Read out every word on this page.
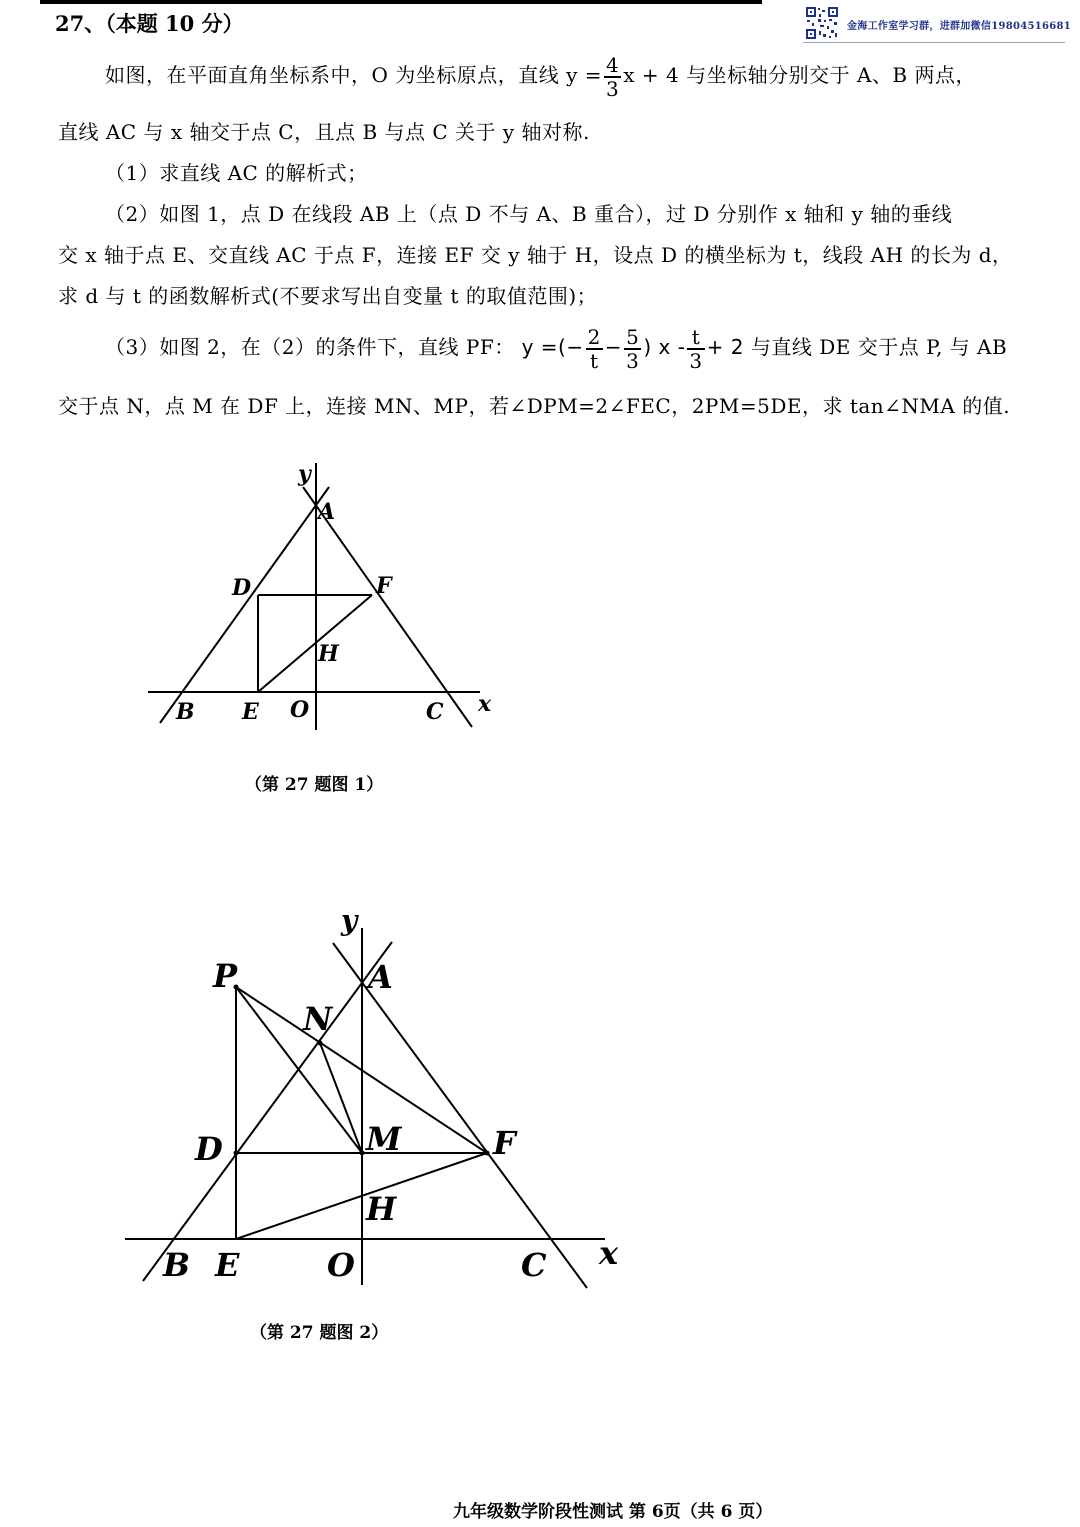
27、（本题 10 分）	金海工作室学习群，进群加微信19804516681
如图，在平面直角坐标系中，O 为坐标原点，直线 $y = \frac{4}{3}$ x + 4 与坐标轴分别交于 A、B 两点，
直线 AC 与 x 轴交于点 C，且点 B 与点 C 关于 y 轴对称.
（1）求直线 AC 的解析式；
（2）如图 1，点 D 在线段 AB 上（点 D 不与 A、B 重合），过 D 分别作 x 轴和 y 轴的垂线
交 x 轴于点 E、交直线 AC 于点 F，连接 EF 交 y 轴于 H，设点 D 的横坐标为 t，线段 AH 的长为 d，
求 d 与 t 的函数解析式(不要求写出自变量 t 的取值范围)；
（3）如图 2，在（2）的条件下，直线 PF： y =(− $\frac{2}{t} - \frac{5}{3}$ ) $x - \frac{t}{3} + 2$ 与直线 DE 交于点 P, 与 AB
交于点 N，点 M 在 DF 上，连接 MN、MP，若∠DPM=2∠FEC，2PM=5DE，求 tan∠NMA 的值.
y
A
D	F
H
B E O	C x
（第 27 题图 1）
y
P	A
N
D	M	F
H
B E	O	C x
（第 27 题图 2）
九年级数学阶段性测试 第 6页（共 6 页）
